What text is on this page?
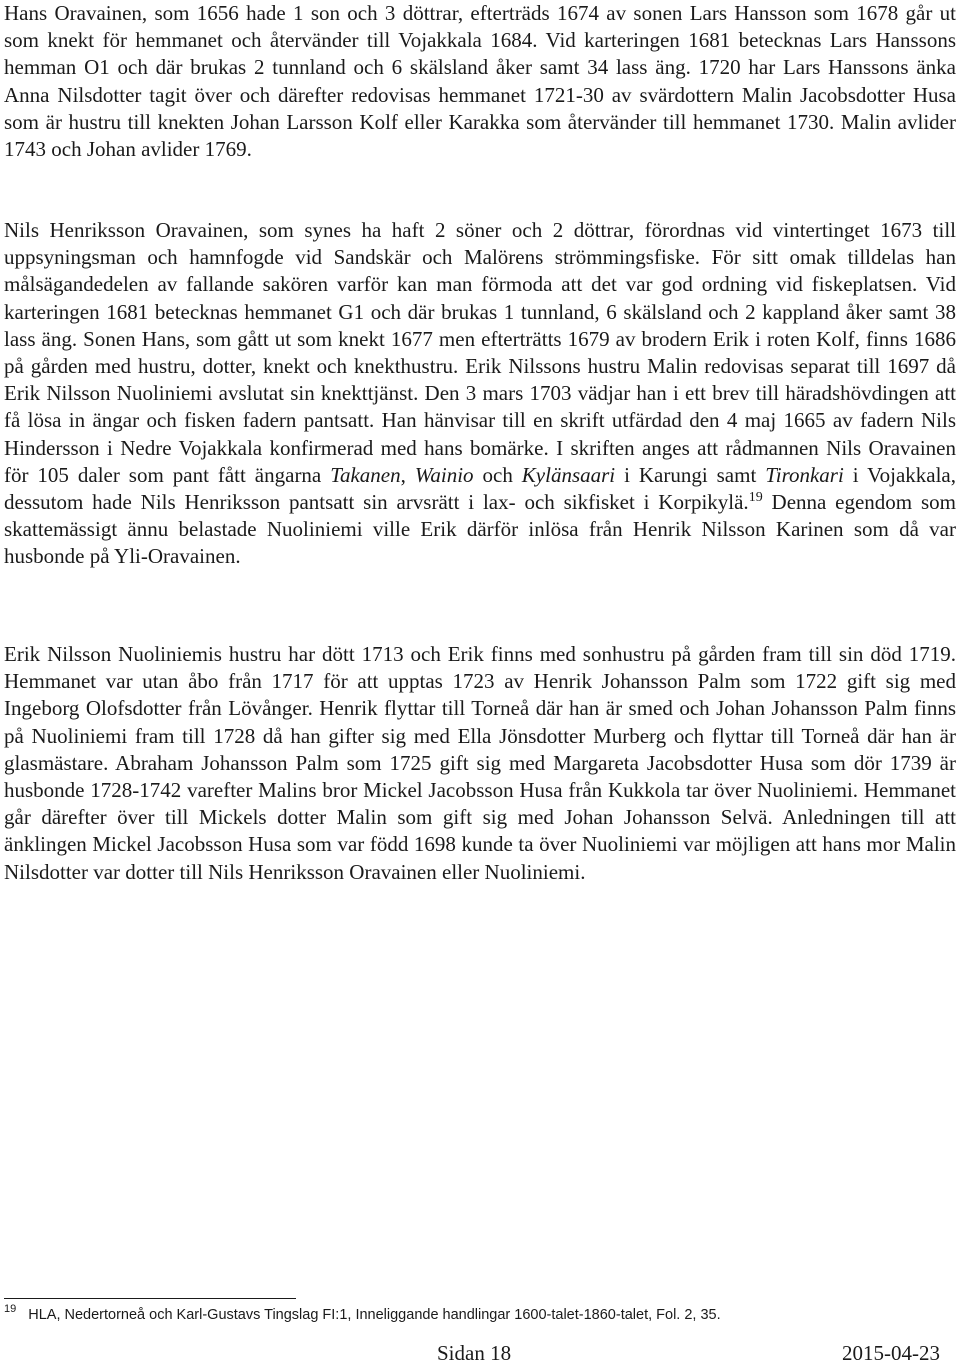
Hans Oravainen, som 1656 hade 1 son och 3 döttrar, efterträds 1674 av sonen Lars Hansson som 1678 går ut som knekt för hemmanet och återvänder till Vojakkala 1684. Vid karteringen 1681 betecknas Lars Hanssons hemman O1 och där brukas 2 tunnland och 6 skälsland åker samt 34 lass äng. 1720 har Lars Hanssons änka Anna Nilsdotter tagit över och därefter redovisas hemmanet 1721-30 av svärdottern Malin Jacobsdotter Husa som är hustru till knekten Johan Larsson Kolf eller Karakka som återvänder till hemmanet 1730. Malin avlider 1743 och Johan avlider 1769.

Nils Henriksson Oravainen, som synes ha haft 2 söner och 2 döttrar, förordnas vid vintertinget 1673 till uppsyningsman och hamnfogde vid Sandskär och Malörens strömmingsfiske. För sitt omak tilldelas han målsägandedelen av fallande sakören varför kan man förmoda att det var god ordning vid fiskeplatsen. Vid karteringen 1681 betecknas hemmanet G1 och där brukas 1 tunnland, 6 skälsland och 2 kappland åker samt 38 lass äng. Sonen Hans, som gått ut som knekt 1677 men efterträtts 1679 av brodern Erik i roten Kolf, finns 1686 på gården med hustru, dotter, knekt och knekthustru. Erik Nilssons hustru Malin redovisas separat till 1697 då Erik Nilsson Nuoliniemi avslutat sin knekttjänst. Den 3 mars 1703 vädjar han i ett brev till häradshövdingen att få lösa in ängar och fisken fadern pantsatt. Han hänvisar till en skrift utfärdad den 4 maj 1665 av fadern Nils Hindersson i Nedre Vojakkala konfirmerad med hans bomärke. I skriften anges att rådmannen Nils Oravainen för 105 daler som pant fått ängarna Takanen, Wainio och Kylänsaari i Karungi samt Tironkari i Vojakkala, dessutom hade Nils Henriksson pantsatt sin arvsrätt i lax- och sikfisket i Korpikylä.$^{19}$ Denna egendom som skattemässigt ännu belastade Nuoliniemi ville Erik därför inlösa från Henrik Nilsson Karinen som då var husbonde på Yli-Oravainen.

Erik Nilsson Nuoliniemis hustru har dött 1713 och Erik finns med sonhustru på gården fram till sin död 1719. Hemmanet var utan åbo från 1717 för att upptas 1723 av Henrik Johansson Palm som 1722 gift sig med Ingeborg Olofsdotter från Lövånger. Henrik flyttar till Torneå där han är smed och Johan Johansson Palm finns på Nuoliniemi fram till 1728 då han gifter sig med Ella Jönsdotter Murberg och flyttar till Torneå där han är glasmästare. Abraham Johansson Palm som 1725 gift sig med Margareta Jacobsdotter Husa som dör 1739 är husbonde 1728-1742 varefter Malins bror Mickel Jacobsson Husa från Kukkola tar över Nuoliniemi. Hemmanet går därefter över till Mickels dotter Malin som gift sig med Johan Johansson Selvä. Anledningen till att änklingen Mickel Jacobsson Husa som var född 1698 kunde ta över Nuoliniemi var möjligen att hans mor Malin Nilsdotter var dotter till Nils Henriksson Oravainen eller Nuoliniemi.

$^{19}$ HLA, Nedertorneå och Karl-Gustavs Tingslag FI:1, Inneliggande handlingar 1600-talet-1860-talet, Fol. 2, 35.
Sidan 18	2015-04-23
